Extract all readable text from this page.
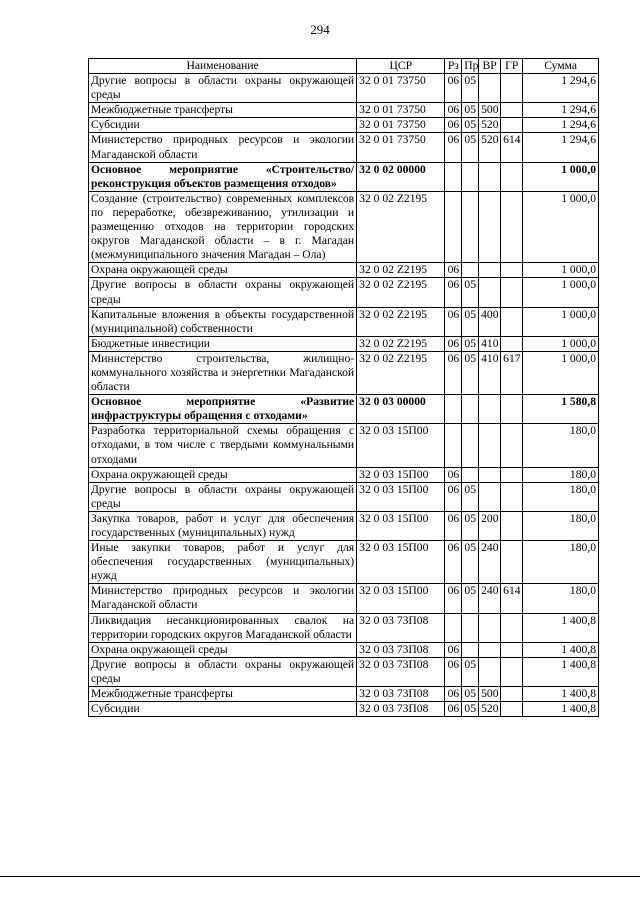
294
Наименование	ЦСР	Рз	Пр	ВР	ГР	Сумма
Другие вопросы в области охраны окружающей среды	32 0 01 73750	06	05			1 294,6
Межбюджетные трансферты	32 0 01 73750	06	05	500		1 294,6
Субсидии	32 0 01 73750	06	05	520		1 294,6
Министерство природных ресурсов и экологии Магаданской области	32 0 01 73750	06	05	520	614	1 294,6
Основное мероприятие «Строительство/реконструкция объектов размещения отходов»	32 0 02 00000					1 000,0
Создание (строительство) современных комплексов по переработке, обезвреживанию, утилизации и размещению отходов на территории городских округов Магаданской области – в г. Магадан (межмуниципального значения Магадан – Ола)	32 0 02 Z2195					1 000,0
Охрана окружающей среды	32 0 02 Z2195	06				1 000,0
Другие вопросы в области охраны окружающей среды	32 0 02 Z2195	06	05			1 000,0
Капитальные вложения в объекты государственной (муниципальной) собственности	32 0 02 Z2195	06	05	400		1 000,0
Бюджетные инвестиции	32 0 02 Z2195	06	05	410		1 000,0
Министерство строительства, жилищно-коммунального хозяйства и энергетики Магаданской области	32 0 02 Z2195	06	05	410	617	1 000,0
Основное мероприятие «Развитие инфраструктуры обращения с отходами»	32 0 03 00000					1 580,8
Разработка территориальной схемы обращения с отходами, в том числе с твердыми коммунальными отходами	32 0 03 15П00					180,0
Охрана окружающей среды	32 0 03 15П00	06				180,0
Другие вопросы в области охраны окружающей среды	32 0 03 15П00	06	05			180,0
Закупка товаров, работ и услуг для обеспечения государственных (муниципальных) нужд	32 0 03 15П00	06	05	200		180,0
Иные закупки товаров, работ и услуг для обеспечения государственных (муниципальных) нужд	32 0 03 15П00	06	05	240		180,0
Министерство природных ресурсов и экологии Магаданской области	32 0 03 15П00	06	05	240	614	180,0
Ликвидация несанкционированных свалок на территории городских округов Магаданской области	32 0 03 73П08					1 400,8
Охрана окружающей среды	32 0 03 73П08	06				1 400,8
Другие вопросы в области охраны окружающей среды	32 0 03 73П08	06	05			1 400,8
Межбюджетные трансферты	32 0 03 73П08	06	05	500		1 400,8
Субсидии	32 0 03 73П08	06	05	520		1 400,8
